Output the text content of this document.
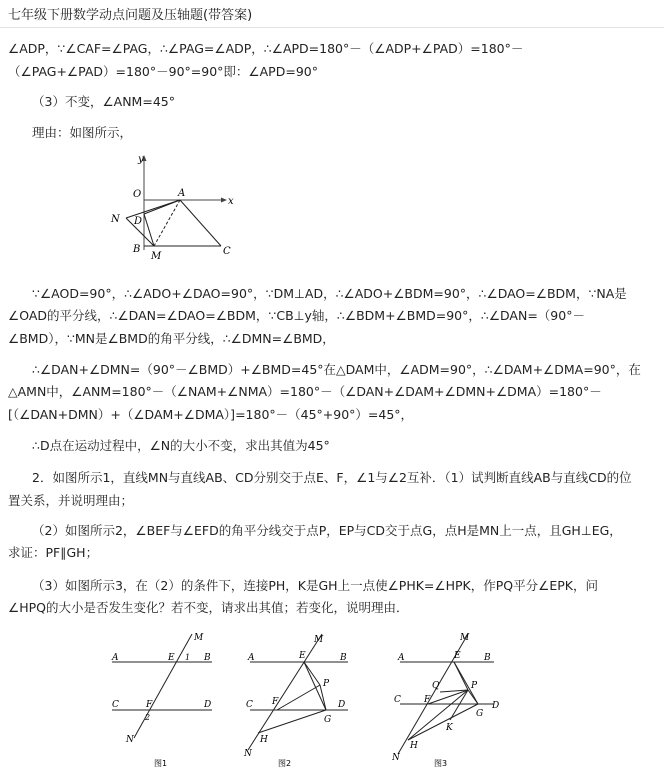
七年级下册数学动点问题及压轴题(带答案)
∠ADP，∵∠CAF=∠PAG，∴∠PAG=∠ADP，∴∠APD=180°－（∠ADP+∠PAD）=180°－
（∠PAG+∠PAD）=180°－90°=90°即：∠APD=90°
（3）不变，∠ANM=45°
理由：如图所示，
y
x
O	A
N D
B
M	C
∵∠AOD=90°，∴∠ADO+∠DAO=90°，∵DM⊥AD，∴∠ADO+∠BDM=90°，∴∠DAO=∠BDM，∵NA是
∠OAD的平分线，∴∠DAN=∠DAO=∠BDM，∵CB⊥y轴，∴∠BDM+∠BMD=90°，∴∠DAN=（90°－
∠BMD），∵MN是∠BMD的角平分线，∴∠DMN=∠BMD，
∴∠DAN+∠DMN=（90°－∠BMD）+∠BMD=45°在△DAM中，∠ADM=90°，∴∠DAM+∠DMA=90°，在
△AMN中，∠ANM=180°－（∠NAM+∠NMA）=180°－（∠DAN+∠DAM+∠DMN+∠DMA）=180°－
[（∠DAN+DMN）+（∠DAM+∠DMA）]=180°－（45°+90°）=45°，
∴D点在运动过程中，∠N的大小不变，求出其值为45°
2．如图所示1，直线MN与直线AB、CD分别交于点E、F，∠1与∠2互补．（1）试判断直线AB与直线CD的位
置关系，并说明理由；
（2）如图所示2，∠BEF与∠EFD的角平分线交于点P，EP与CD交于点G，点H是MN上一点，且GH⊥EG，
求证：PF∥GH；
（3）如图所示3，在（2）的条件下，连接PH，K是GH上一点使∠PHK=∠HPK，作PQ平分∠EPK，问
∠HPQ的大小是否发生变化？若不变，请求出其值；若变化，说明理由．
M
A	E 1 B
C	F
2
D
N
图1
M
A	E	B
P
C F
G
D
H
N
图2
M
A	E	B
Q	P
C	F
G
D
K
H
N
图3
